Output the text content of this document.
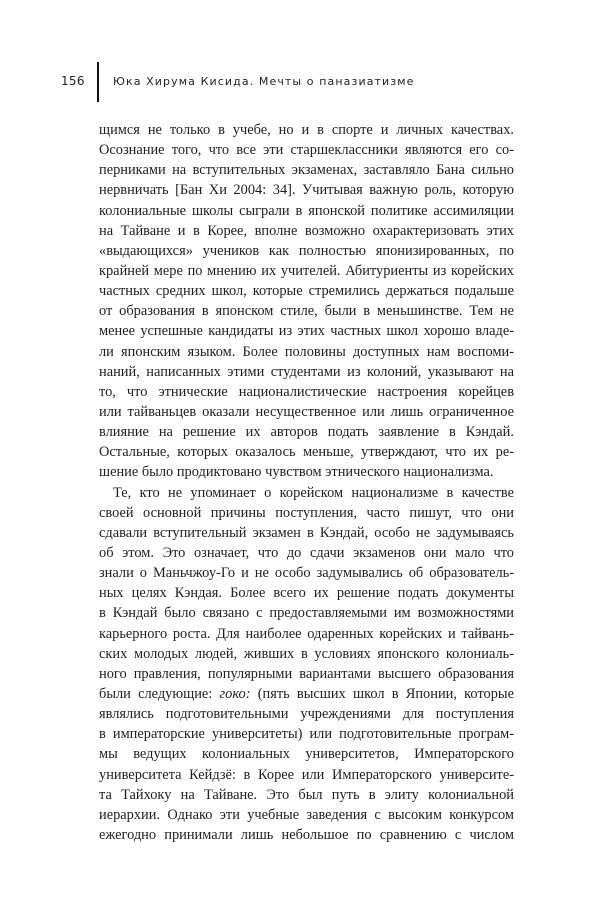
156	Юка Хирума Кисида. Мечты о паназиатизме
щимся не только в учебе, но и в спорте и личных качествах.
Осознание того, что все эти старшеклассники являются его со-
перниками на вступительных экзаменах, заставляло Бана сильно
нервничать [Бан Хи 2004: 34]. Учитывая важную роль, которую
колониальные школы сыграли в японской политике ассимиляции
на Тайване и в Корее, вполне возможно охарактеризовать этих
«выдающихся» учеников как полностью японизированных, по
крайней мере по мнению их учителей. Абитуриенты из корейских
частных средних школ, которые стремились держаться подальше
от образования в японском стиле, были в меньшинстве. Тем не
менее успешные кандидаты из этих частных школ хорошо владе-
ли японским языком. Более половины доступных нам воспоми-
наний, написанных этими студентами из колоний, указывают на
то, что этнические националистические настроения корейцев
или тайваньцев оказали несущественное или лишь ограниченное
влияние на решение их авторов подать заявление в Кэндай.
Остальные, которых оказалось меньше, утверждают, что их ре-
шение было продиктовано чувством этнического национализма.
Те, кто не упоминает о корейском национализме в качестве
своей основной причины поступления, часто пишут, что они
сдавали вступительный экзамен в Кэндай, особо не задумываясь
об этом. Это означает, что до сдачи экзаменов они мало что
знали о Маньчжоу-Го и не особо задумывались об образователь-
ных целях Кэндая. Более всего их решение подать документы
в Кэндай было связано с предоставляемыми им возможностями
карьерного роста. Для наиболее одаренных корейских и тайвань-
ских молодых людей, живших в условиях японского колониаль-
ного правления, популярными вариантами высшего образования
были следующие: гоко: (пять высших школ в Японии, которые
являлись подготовительными учреждениями для поступления
в императорские университеты) или подготовительные програм-
мы ведущих колониальных университетов, Императорского
университета Кейдзё: в Корее или Императорского университе-
та Тайхоку на Тайване. Это был путь в элиту колониальной
иерархии. Однако эти учебные заведения с высоким конкурсом
ежегодно принимали лишь небольшое по сравнению с числом
